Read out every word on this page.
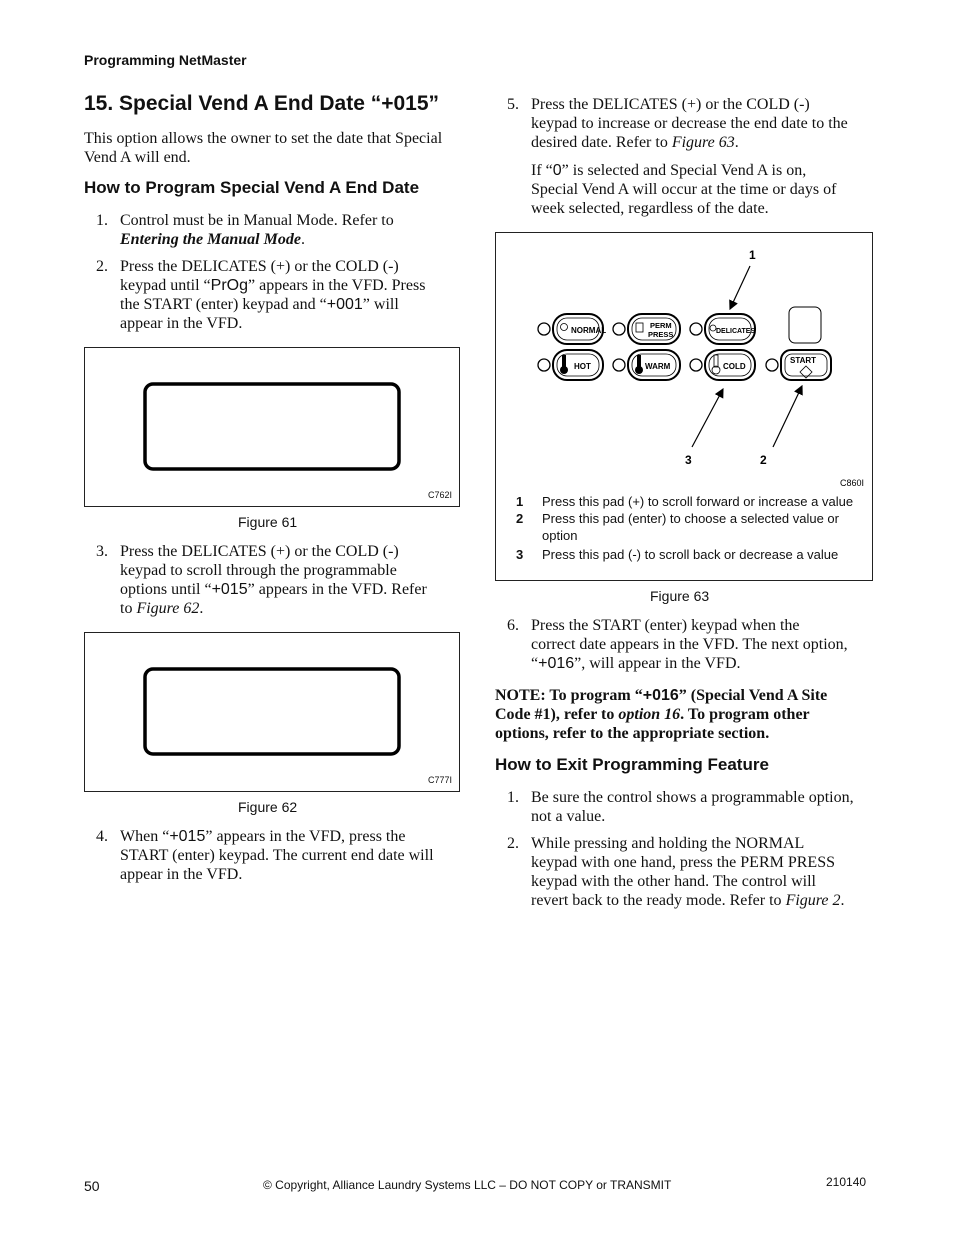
Programming NetMaster
15. Special Vend A End Date “+015”
This option allows the owner to set the date that Special Vend A will end.
How to Program Special Vend A End Date
1. Control must be in Manual Mode. Refer to
Entering the Manual Mode.
2. Press the DELICATES (+) or the COLD (-)
keypad until “PrOg” appears in the VFD. Press
the START (enter) keypad and “+001” will
appear in the VFD.
C762I
Figure 61
3. Press the DELICATES (+) or the COLD (-)
keypad to scroll through the programmable
options until “+015” appears in the VFD. Refer
to Figure 62.
C777I
Figure 62
4. When “+015” appears in the VFD, press the
START (enter) keypad. The current end date will
appear in the VFD.
5. Press the DELICATES (+) or the COLD (-)
keypad to increase or decrease the end date to the
desired date. Refer to Figure 63.
If “0” is selected and Special Vend A is on,
Special Vend A will occur at the time or days of
week selected, regardless of the date.
NORMAL
PERM
PRESS	DELICATES
HOT	WARM	COLD
START
1
2
3
C860I
1	Press this pad (+) to scroll forward or increase a value
2	Press this pad (enter) to choose a selected value or
option
3	Press this pad (-) to scroll back or decrease a value
Figure 63
6. Press the START (enter) keypad when the
correct date appears in the VFD. The next option,
“+016”, will appear in the VFD.
NOTE: To program “+016” (Special Vend A Site
Code #1), refer to option 16. To program other
options, refer to the appropriate section.
How to Exit Programming Feature
1. Be sure the control shows a programmable option,
not a value.
2. While pressing and holding the NORMAL
keypad with one hand, press the PERM PRESS
keypad with the other hand. The control will
revert back to the ready mode. Refer to Figure 2.
50	© Copyright, Alliance Laundry Systems LLC – DO NOT COPY or TRANSMIT	210140
